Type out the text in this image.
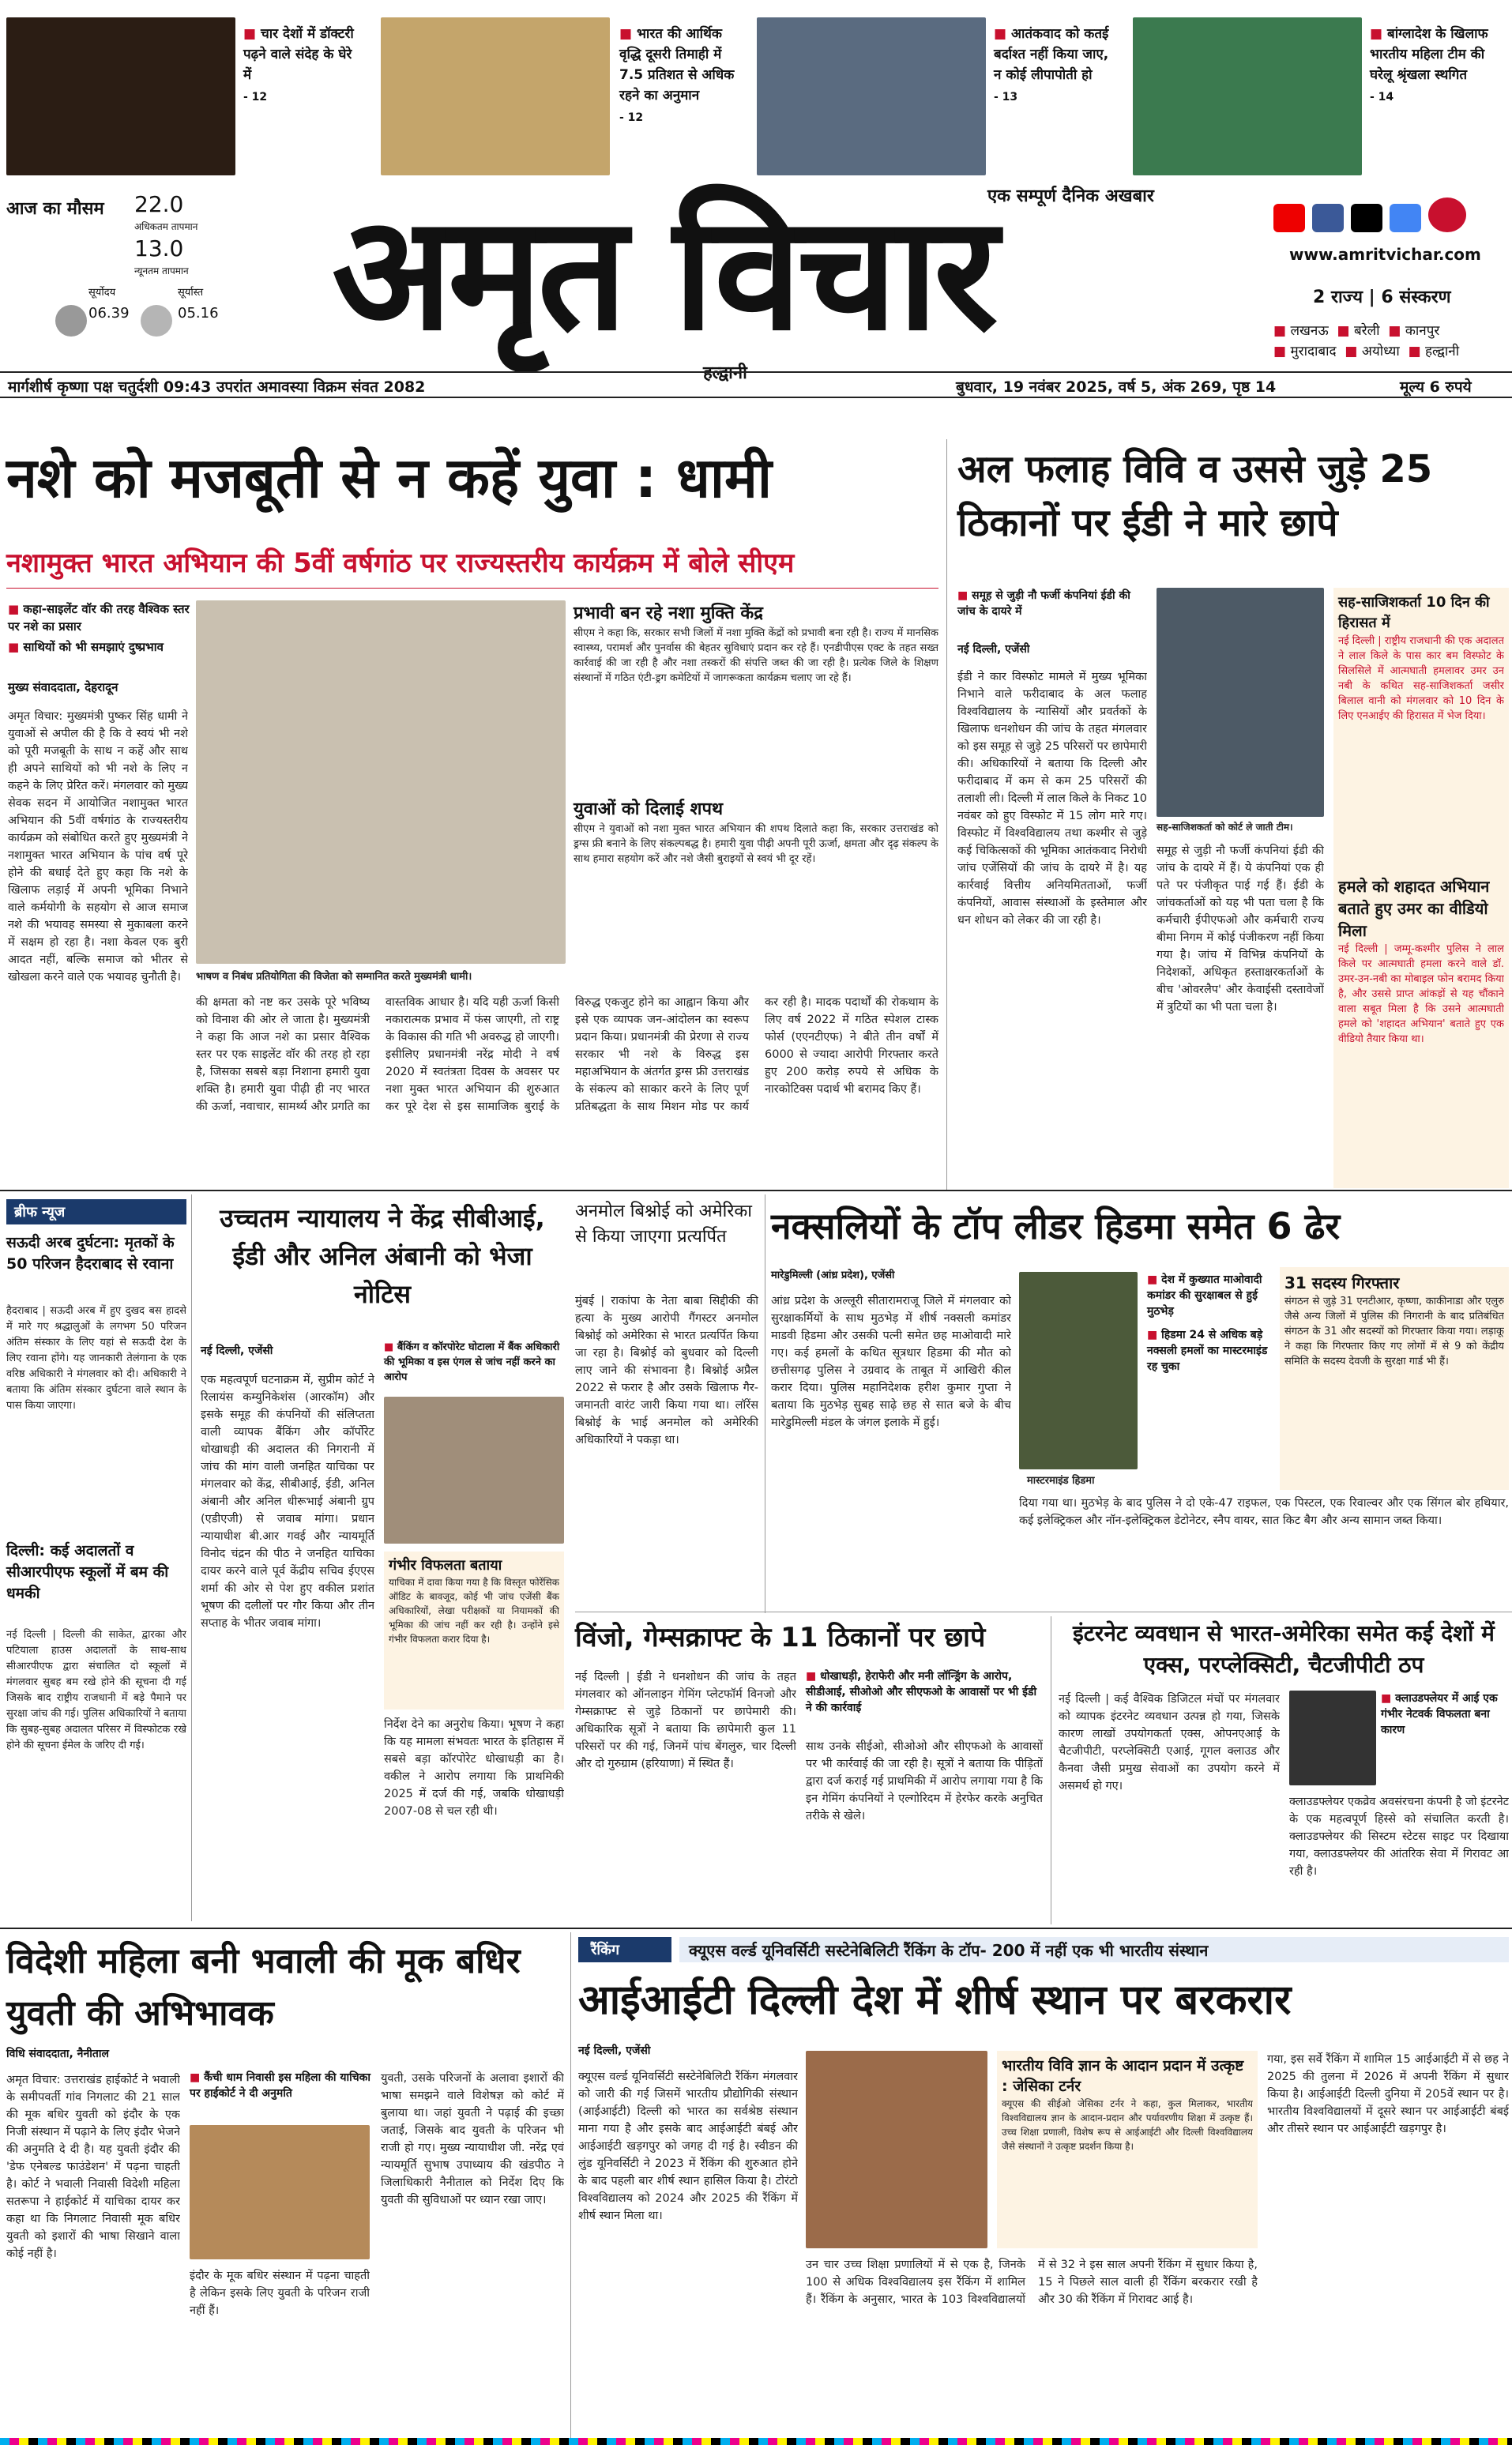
■ चार देशों में डॉक्टरी पढ़ने वाले संदेह के घेरे में
- 12
■ भारत की आर्थिक वृद्धि दूसरी तिमाही में 7.5 प्रतिशत से अधिक रहने का अनुमान
- 12
■ आतंकवाद को कतई बर्दाश्त नहीं किया जाए, न कोई लीपापोती हो
- 13
■ बांग्लादेश के खिलाफ भारतीय महिला टीम की घरेलू श्रृंखला स्थगित
- 14
आज का मौसम 22.0
अधिकतम तापमान
13.0
न्यूनतम तापमान
सूर्योदय
06.39
सूर्यास्त
05.16 अमृत विचार
एक सम्पूर्ण दैनिक अखबार
हल्द्वानी

www.amritvichar.com
2 राज्य | 6 संस्करण
■ लखनऊ ■ बरेली ■ कानपुर
■ मुरादाबाद ■ अयोध्या ■ हल्द्वानी
मार्गशीर्ष कृष्णा पक्ष चतुर्दशी 09:43 उपरांत अमावस्या विक्रम संवत 2082	बुधवार, 19 नवंबर 2025, वर्ष 5, अंक 269, पृष्ठ 14	मूल्य 6 रुपये
नशे को मजबूती से न कहें युवा : धामी
नशामुक्त भारत अभियान की 5वीं वर्षगांठ पर राज्यस्तरीय कार्यक्रम में बोले सीएम
■ कहा-साइलेंट वॉर की तरह वैश्विक स्तर पर नशे का प्रसार
■ साथियों को भी समझाएं दुष्प्रभाव
मुख्य संवाददाता, देहरादून
अमृत विचार: मुख्यमंत्री पुष्कर सिंह धामी ने युवाओं से अपील की है कि वे स्वयं भी नशे को पूरी मजबूती के साथ न कहें और साथ ही अपने साथियों को भी नशे के लिए न कहने के लिए प्रेरित करें। मंगलवार को मुख्य सेवक सदन में आयोजित नशामुक्त भारत अभियान की 5वीं वर्षगांठ के राज्यस्तरीय कार्यक्रम को संबोधित करते हुए मुख्यमंत्री ने नशामुक्त भारत अभियान के पांच वर्ष पूरे होने की बधाई देते हुए कहा कि नशे के खिलाफ लड़ाई में अपनी भूमिका निभाने वाले कर्मयोगी के सहयोग से आज समाज नशे की भयावह समस्या से मुकाबला करने में सक्षम हो रहा है। नशा केवल एक बुरी आदत नहीं, बल्कि समाज को भीतर से खोखला करने वाले एक भयावह चुनौती है।	भाषण व निबंध प्रतियोगिता की विजेता को सम्मानित करते मुख्यमंत्री धामी।
प्रभावी बन रहे नशा मुक्ति केंद्र
सीएम ने कहा कि, सरकार सभी जिलों में नशा मुक्ति केंद्रों को प्रभावी बना रही है। राज्य में मानसिक स्वास्थ्य, परामर्श और पुनर्वास की बेहतर सुविधाएं प्रदान कर रहे हैं। एनडीपीएस एक्ट के तहत सख्त कार्रवाई की जा रही है और नशा तस्करों की संपत्ति जब्त की जा रही है। प्रत्येक जिले के शिक्षण संस्थानों में गठित एंटी-ड्रग कमेटियों में जागरूकता कार्यक्रम चलाए जा रहे हैं।
युवाओं को दिलाई शपथ
सीएम ने युवाओं को नशा मुक्त भारत अभियान की शपथ दिलाते कहा कि, सरकार उत्तराखंड को ड्रग्स फ्री बनाने के लिए संकल्पबद्ध है। हमारी युवा पीढ़ी अपनी पूरी ऊर्जा, क्षमता और दृढ़ संकल्प के साथ हमारा सहयोग करें और नशे जैसी बुराइयों से स्वयं भी दूर रहें।
की क्षमता को नष्ट कर उसके पूरे भविष्य को विनाश की ओर ले जाता है। मुख्यमंत्री ने कहा कि आज नशे का प्रसार वैश्विक स्तर पर एक साइलेंट वॉर की तरह हो रहा है, जिसका सबसे बड़ा निशाना हमारी युवा शक्ति है। हमारी युवा पीढ़ी ही नए भारत की ऊर्जा, नवाचार, सामर्थ्य और प्रगति का वास्तविक आधार है। यदि यही ऊर्जा किसी नकारात्मक प्रभाव में फंस जाएगी, तो राष्ट्र के विकास की गति भी अवरुद्ध हो जाएगी। इसीलिए प्रधानमंत्री नरेंद्र मोदी ने वर्ष 2020 में स्वतंत्रता दिवस के अवसर पर नशा मुक्त भारत अभियान की शुरुआत कर पूरे देश से इस सामाजिक बुराई के विरुद्ध एकजुट होने का आह्वान किया और इसे एक व्यापक जन-आंदोलन का स्वरूप प्रदान किया। प्रधानमंत्री की प्रेरणा से राज्य सरकार भी नशे के विरुद्ध इस महाअभियान के अंतर्गत ड्रग्स फ्री उत्तराखंड के संकल्प को साकार करने के लिए पूर्ण प्रतिबद्धता के साथ मिशन मोड पर कार्य कर रही है। मादक पदार्थों की रोकथाम के लिए वर्ष 2022 में गठित स्पेशल टास्क फोर्स (एएनटीएफ) ने बीते तीन वर्षों में 6000 से ज्यादा आरोपी गिरफ्तार करते हुए 200 करोड़ रुपये से अधिक के नारकोटिक्स पदार्थ भी बरामद किए हैं।
अल फलाह विवि व उससे जुड़े 25 ठिकानों पर ईडी ने मारे छापे
■ समूह से जुड़ी नौ फर्जी कंपनियां ईडी की जांच के दायरे में
नई दिल्ली, एजेंसी
ईडी ने कार विस्फोट मामले में मुख्य भूमिका निभाने वाले फरीदाबाद के अल फलाह विश्वविद्यालय के न्यासियों और प्रवर्तकों के खिलाफ धनशोधन की जांच के तहत मंगलवार को इस समूह से जुड़े 25 परिसरों पर छापेमारी की। अधिकारियों ने बताया कि दिल्ली और फरीदाबाद में कम से कम 25 परिसरों की तलाशी ली। दिल्ली में लाल किले के निकट 10 नवंबर को हुए विस्फोट में 15 लोग मारे गए। विस्फोट में विश्वविद्यालय तथा कश्मीर से जुड़े कई चिकित्सकों की भूमिका आतंकवाद निरोधी जांच एजेंसियों की जांच के दायरे में है। यह कार्रवाई वित्तीय अनियमितताओं, फर्जी कंपनियों, आवास संस्थाओं के इस्तेमाल और धन शोधन को लेकर की जा रही है।
सह-साजिशकर्ता को कोर्ट ले जाती टीम।
समूह से जुड़ी नौ फर्जी कंपनियां ईडी की जांच के दायरे में हैं। ये कंपनियां एक ही पते पर पंजीकृत पाई गई हैं। ईडी के जांचकर्ताओं को यह भी पता चला है कि कर्मचारी ईपीएफओ और कर्मचारी राज्य बीमा निगम में कोई पंजीकरण नहीं किया गया है। जांच में विभिन्न कंपनियों के निदेशकों, अधिकृत हस्ताक्षरकर्ताओं के बीच 'ओवरलैप' और केवाईसी दस्तावेजों में त्रुटियों का भी पता चला है।
सह-साजिशकर्ता 10 दिन की हिरासत में
नई दिल्ली | राष्ट्रीय राजधानी की एक अदालत ने लाल किले के पास कार बम विस्फोट के सिलसिले में आत्मघाती हमलावर उमर उन नबी के कथित सह-साजिशकर्ता जसीर बिलाल वानी को मंगलवार को 10 दिन के लिए एनआईए की हिरासत में भेज दिया।
हमले को शहादत अभियान बताते हुए उमर का वीडियो मिला
नई दिल्ली | जम्मू-कश्मीर पुलिस ने लाल किले पर आत्मघाती हमला करने वाले डॉ. उमर-उन-नबी का मोबाइल फोन बरामद किया है, और उससे प्राप्त आंकड़ों से यह चौंकाने वाला सबूत मिला है कि उसने आत्मघाती हमले को 'शहादत अभियान' बताते हुए एक वीडियो तैयार किया था।
ब्रीफ न्यूज
सऊदी अरब दुर्घटना: मृतकों के 50 परिजन हैदराबाद से रवाना
हैदराबाद | सऊदी अरब में हुए दुखद बस हादसे में मारे गए श्रद्धालुओं के लगभग 50 परिजन अंतिम संस्कार के लिए यहां से सऊदी देश के लिए रवाना होंगे। यह जानकारी तेलंगाना के एक वरिष्ठ अधिकारी ने मंगलवार को दी। अधिकारी ने बताया कि अंतिम संस्कार दुर्घटना वाले स्थान के पास किया जाएगा।
दिल्ली: कई अदालतों व सीआरपीएफ स्कूलों में बम की धमकी
नई दिल्ली | दिल्ली की साकेत, द्वारका और पटियाला हाउस अदालतों के साथ-साथ सीआरपीएफ द्वारा संचालित दो स्कूलों में मंगलवार सुबह बम रखे होने की सूचना दी गई जिसके बाद राष्ट्रीय राजधानी में बड़े पैमाने पर सुरक्षा जांच की गई। पुलिस अधिकारियों ने बताया कि सुबह-सुबह अदालत परिसर में विस्फोटक रखे होने की सूचना ईमेल के जरिए दी गई।
उच्चतम न्यायालय ने केंद्र सीबीआई, ईडी और अनिल अंबानी को भेजा नोटिस
नई दिल्ली, एजेंसी
एक महत्वपूर्ण घटनाक्रम में, सुप्रीम कोर्ट ने रिलायंस कम्युनिकेशंस (आरकॉम) और इसके समूह की कंपनियों की संलिप्तता वाली व्यापक बैंकिंग और कॉर्पोरेट धोखाधड़ी की अदालत की निगरानी में जांच की मांग वाली जनहित याचिका पर मंगलवार को केंद्र, सीबीआई, ईडी, अनिल अंबानी और अनिल धीरूभाई अंबानी ग्रुप (एडीएजी) से जवाब मांगा। प्रधान न्यायाधीश बी.आर गवई और न्यायमूर्ति विनोद चंद्रन की पीठ ने जनहित याचिका दायर करने वाले पूर्व केंद्रीय सचिव ईएएस शर्मा की ओर से पेश हुए वकील प्रशांत भूषण की दलीलों पर गौर किया और तीन सप्ताह के भीतर जवाब मांगा।
■ बैंकिंग व कॉरपोरेट घोटाला में बैंक अधिकारी की भूमिका व इस एंगल से जांच नहीं करने का आरोप
गंभीर विफलता बताया
याचिका में दावा किया गया है कि विस्तृत फोरेंसिक ऑडिट के बावजूद, कोई भी जांच एजेंसी बैंक अधिकारियों, लेखा परीक्षकों या नियामकों की भूमिका की जांच नहीं कर रही है। उन्होंने इसे गंभीर विफलता करार दिया है।
निर्देश देने का अनुरोध किया। भूषण ने कहा कि यह मामला संभवतः भारत के इतिहास में सबसे बड़ा कॉरपोरेट धोखाधड़ी का है। वकील ने आरोप लगाया कि प्राथमिकी 2025 में दर्ज की गई, जबकि धोखाधड़ी 2007-08 से चल रही थी।
अनमोल बिश्नोई को अमेरिका से किया जाएगा प्रत्यर्पित
मुंबई | राकांपा के नेता बाबा सिद्दीकी की हत्या के मुख्य आरोपी गैंगस्टर अनमोल बिश्नोई को अमेरिका से भारत प्रत्यर्पित किया जा रहा है। बिश्नोई को बुधवार को दिल्ली लाए जाने की संभावना है। बिश्नोई अप्रैल 2022 से फरार है और उसके खिलाफ गैर-जमानती वारंट जारी किया गया था। लॉरेंस बिश्नोई के भाई अनमोल को अमेरिकी अधिकारियों ने पकड़ा था।
नक्सलियों के टॉप लीडर हिडमा समेत 6 ढेर
मारेडुमिल्ली (आंध्र प्रदेश), एजेंसी
आंध्र प्रदेश के अल्लूरी सीतारामराजू जिले में मंगलवार को सुरक्षाकर्मियों के साथ मुठभेड़ में शीर्ष नक्सली कमांडर माडवी हिडमा और उसकी पत्नी समेत छह माओवादी मारे गए। कई हमलों के कथित सूत्रधार हिडमा की मौत को छत्तीसगढ़ पुलिस ने उग्रवाद के ताबूत में आखिरी कील करार दिया। पुलिस महानिदेशक हरीश कुमार गुप्ता ने बताया कि मुठभेड़ सुबह साढ़े छह से सात बजे के बीच मारेडुमिल्ली मंडल के जंगल इलाके में हुई।
मास्टरमाइंड हिडमा
■ देश में कुख्यात माओवादी कमांडर की सुरक्षाबल से हुई मुठभेड़
■ हिडमा 24 से अधिक बड़े नक्सली हमलों का मास्टरमाइंड रह चुका
31 सदस्य गिरफ्तार
संगठन से जुड़े 31 एनटीआर, कृष्णा, काकीनाडा और एलुरु जैसे अन्य जिलों में पुलिस की निगरानी के बाद प्रतिबंधित संगठन के 31 और सदस्यों को गिरफ्तार किया गया। लड़ाकू ने कहा कि गिरफ्तार किए गए लोगों में से 9 को केंद्रीय समिति के सदस्य देवजी के सुरक्षा गार्ड भी हैं।
दिया गया था। मुठभेड़ के बाद पुलिस ने दो एके-47 राइफल, एक पिस्टल, एक रिवाल्वर और एक सिंगल बोर हथियार, कई इलेक्ट्रिकल और नॉन-इलेक्ट्रिकल डेटोनेटर, स्नैप वायर, सात किट बैग और अन्य सामान जब्त किया।
विंजो, गेम्सक्राफ्ट के 11 ठिकानों पर छापे
नई दिल्ली | ईडी ने धनशोधन की जांच के तहत मंगलवार को ऑनलाइन गेमिंग प्लेटफॉर्म विनजो और गेम्सक्राफ्ट से जुड़े ठिकानों पर छापेमारी की। अधिकारिक सूत्रों ने बताया कि छापेमारी कुल 11 परिसरों पर की गई, जिनमें पांच बेंगलुरु, चार दिल्ली और दो गुरुग्राम (हरियाणा) में स्थित हैं।
■ धोखाधड़ी, हेराफेरी और मनी लॉन्ड्रिंग के आरोप, सीडीआई, सीओओ और सीएफओ के आवासों पर भी ईडी ने की कार्रवाई
साथ उनके सीईओ, सीओओ और सीएफओ के आवासों पर भी कार्रवाई की जा रही है। सूत्रों ने बताया कि पीड़ितों द्वारा दर्ज कराई गई प्राथमिकी में आरोप लगाया गया है कि इन गेमिंग कंपनियों ने एल्गोरिदम में हेरफेर करके अनुचित तरीके से खेले।
इंटरनेट व्यवधान से भारत-अमेरिका समेत कई देशों में एक्स, परप्लेक्सिटी, चैटजीपीटी ठप
नई दिल्ली | कई वैश्विक डिजिटल मंचों पर मंगलवार को व्यापक इंटरनेट व्यवधान उत्पन्न हो गया, जिसके कारण लाखों उपयोगकर्ता एक्स, ओपनएआई के चैटजीपीटी, परप्लेक्सिटी एआई, गूगल क्लाउड और कैनवा जैसी प्रमुख सेवाओं का उपयोग करने में असमर्थ हो गए।
■ क्लाउडफ्लेयर में आई एक गंभीर नेटवर्क विफलता बना कारण
क्लाउडफ्लेयर एकव्रेव अवसंरचना कंपनी है जो इंटरनेट के एक महत्वपूर्ण हिस्से को संचालित करती है। क्लाउडफ्लेयर की सिस्टम स्टेटस साइट पर दिखाया गया, क्लाउडफ्लेयर की आंतरिक सेवा में गिरावट आ रही है।
विदेशी महिला बनी भवाली की मूक बधिर युवती की अभिभावक
विधि संवाददाता, नैनीताल
अमृत विचार: उत्तराखंड हाईकोर्ट ने भवाली के समीपवर्ती गांव निगलाट की 21 साल की मूक बधिर युवती को इंदौर के एक निजी संस्थान में पढ़ाने के लिए इंदौर भेजने की अनुमति दे दी है। यह युवती इंदौर की 'डेफ एनेबल्ड फाउंडेशन' में पढ़ना चाहती है। कोर्ट ने भवाली निवासी विदेशी महिला सतरूपा ने हाईकोर्ट में याचिका दायर कर कहा था कि निगलाट निवासी मूक बधिर युवती को इशारों की भाषा सिखाने वाला कोई नहीं है।
■ कैंची धाम निवासी इस महिला की याचिका पर हाईकोर्ट ने दी अनुमति
इंदौर के मूक बधिर संस्थान में पढ़ना चाहती है लेकिन इसके लिए युवती के परिजन राजी नहीं हैं।
युवती, उसके परिजनों के अलावा इशारों की भाषा समझने वाले विशेषज्ञ को कोर्ट में बुलाया था। जहां युवती ने पढ़ाई की इच्छा जताई, जिसके बाद युवती के परिजन भी राजी हो गए। मुख्य न्यायाधीश जी. नरेंद्र एवं न्यायमूर्ति सुभाष उपाध्याय की खंडपीठ ने जिलाधिकारी नैनीताल को निर्देश दिए कि युवती की सुविधाओं पर ध्यान रखा जाए।
रैंकिंग	क्यूएस वर्ल्ड यूनिवर्सिटी सस्टेनेबिलिटी रैंकिंग के टॉप- 200 में नहीं एक भी भारतीय संस्थान
आईआईटी दिल्ली देश में शीर्ष स्थान पर बरकरार
नई दिल्ली, एजेंसी
क्यूएस वर्ल्ड यूनिवर्सिटी सस्टेनेबिलिटी रैंकिंग मंगलवार को जारी की गई जिसमें भारतीय प्रौद्योगिकी संस्थान (आईआईटी) दिल्ली को भारत का सर्वश्रेष्ठ संस्थान माना गया है और इसके बाद आईआईटी बंबई और आईआईटी खड़गपुर को जगह दी गई है। स्वीडन की लुंड यूनिवर्सिटी ने 2023 में रैंकिंग की शुरुआत होने के बाद पहली बार शीर्ष स्थान हासिल किया है। टोरंटो विश्वविद्यालय को 2024 और 2025 की रैंकिंग में शीर्ष स्थान मिला था।
भारतीय विवि ज्ञान के आदान प्रदान में उत्कृष्ट : जेसिका टर्नर
क्यूएस की सीईओ जेसिका टर्नर ने कहा, कुल मिलाकर, भारतीय विश्वविद्यालय ज्ञान के आदान-प्रदान और पर्यावरणीय शिक्षा में उत्कृष्ट हैं। उच्च शिक्षा प्रणाली, विशेष रूप से आईआईटी और दिल्ली विश्वविद्यालय जैसे संस्थानों ने उत्कृष्ट प्रदर्शन किया है।
उन चार उच्च शिक्षा प्रणालियों में से एक है, जिनके 100 से अधिक विश्वविद्यालय इस रैंकिंग में शामिल हैं। रैंकिंग के अनुसार, भारत के 103 विश्वविद्यालयों में से 32 ने इस साल अपनी रैंकिंग में सुधार किया है, 15 ने पिछले साल वाली ही रैंकिंग बरकरार रखी है और 30 की रैंकिंग में गिरावट आई है।
गया, इस सर्वे रैंकिंग में शामिल 15 आईआईटी में से छह ने 2025 की तुलना में 2026 में अपनी रैंकिंग में सुधार किया है। आईआईटी दिल्ली दुनिया में 205वें स्थान पर है। भारतीय विश्वविद्यालयों में दूसरे स्थान पर आईआईटी बंबई और तीसरे स्थान पर आईआईटी खड़गपुर है।
